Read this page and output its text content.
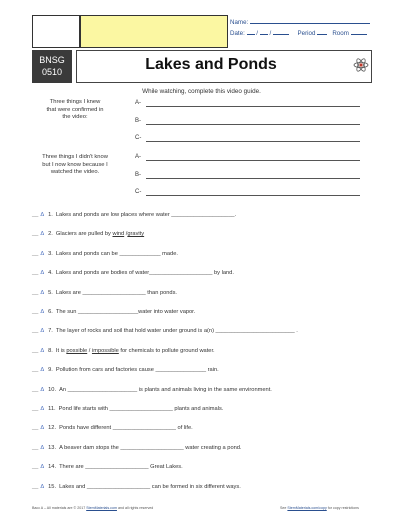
Name:
Date: / /	Period	Room
BNSG
0510	Lakes and Ponds
While watching, complete this video guide.
Three things I knew
that were confirmed in
the video:
A-
B-
C-
Three things I didn't know
but I now know because I
watched the video.
A-
B-
C-
__ Δ 1. Lakes and ponds are low places where water ____________________.
__ Δ 2. Glaciers are pulled by wind /gravity
__ Δ 3. Lakes and ponds can be _____________ made.
__ Δ 4. Lakes and ponds are bodies of water____________________ by land.
__ Δ 5. Lakes are ____________________ than ponds.
__ Δ 6. The sun ___________________water into water vapor.
__ Δ 7. The layer of rocks and soil that hold water under ground is a(n) _________________________ .
__ Δ 8. It is possible / impossible for chemicals to pollute ground water.
__ Δ 9. Pollution from cars and factories cause ________________ rain.
__ Δ 10. An ______________________ is plants and animals living in the same environment.
__ Δ 11. Pond life starts with ____________________ plants and animals.
__ Δ 12. Ponds have different ____________________ of life.
__ Δ 13. A beaver dam stops the ____________________ water creating a pond.
__ Δ 14. There are ____________________ Great Lakes.
__ Δ 15. Lakes and ____________________ can be formed in six different ways.
Bacc A – All materials are © 2017 StemMaterials.com and all rights reserved	See StemMaterials.com/copy for copy restrictions
